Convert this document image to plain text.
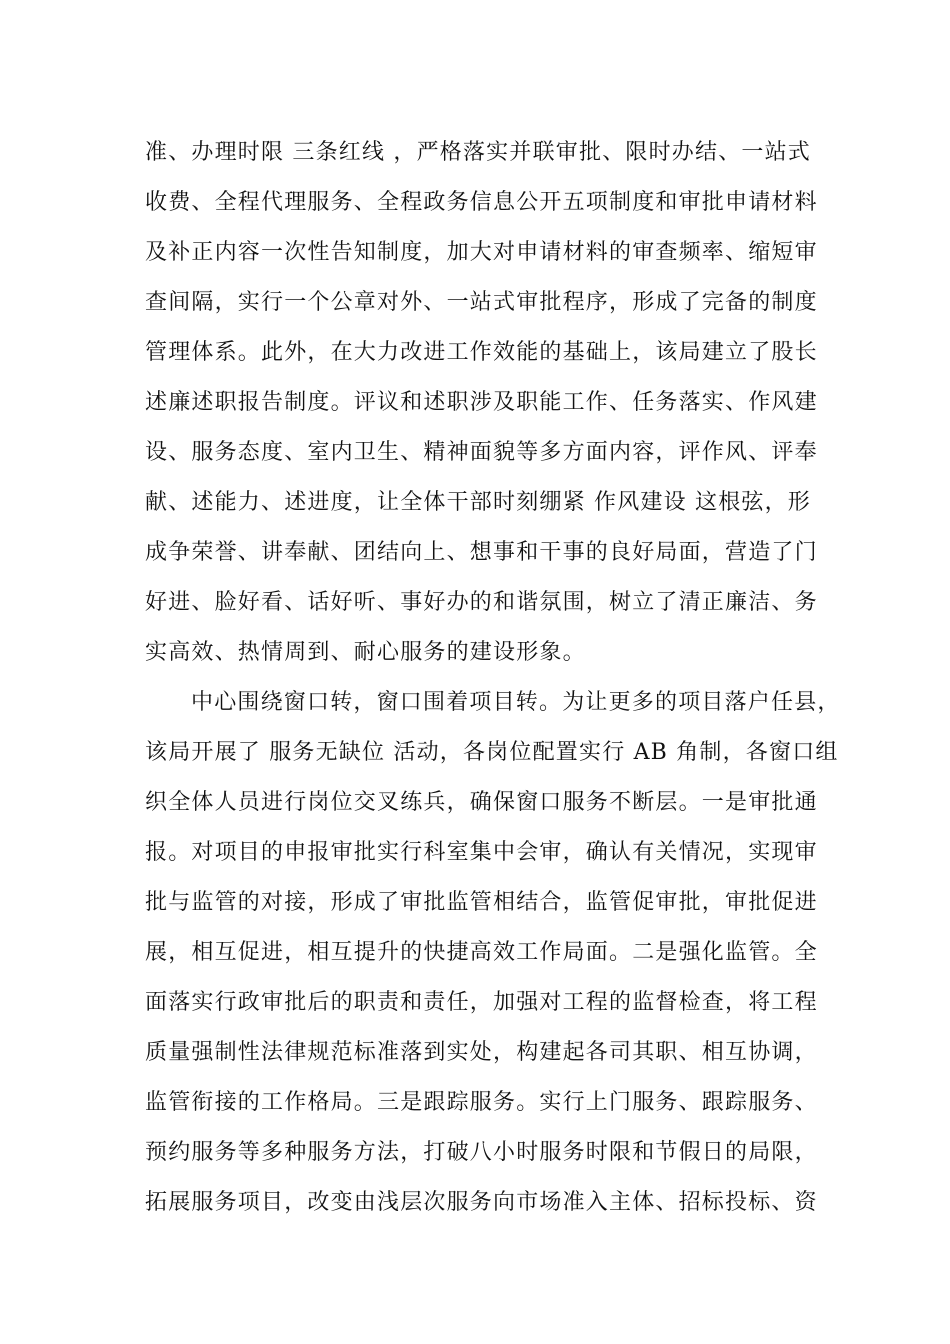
准、办理时限 三条红线 ，严格落实并联审批、限时办结、一站式
收费、全程代理服务、全程政务信息公开五项制度和审批申请材料
及补正内容一次性告知制度，加大对申请材料的审查频率、缩短审
查间隔，实行一个公章对外、一站式审批程序，形成了完备的制度
管理体系。此外，在大力改进工作效能的基础上，该局建立了股长
述廉述职报告制度。评议和述职涉及职能工作、任务落实、作风建
设、服务态度、室内卫生、精神面貌等多方面内容，评作风、评奉
献、述能力、述进度，让全体干部时刻绷紧 作风建设 这根弦，形
成争荣誉、讲奉献、团结向上、想事和干事的良好局面，营造了门
好进、脸好看、话好听、事好办的和谐氛围，树立了清正廉洁、务
实高效、热情周到、耐心服务的建设形象。
中心围绕窗口转，窗口围着项目转。为让更多的项目落户任县，
该局开展了 服务无缺位 活动，各岗位配置实行 AB 角制，各窗口组
织全体人员进行岗位交叉练兵，确保窗口服务不断层。一是审批通
报。对项目的申报审批实行科室集中会审，确认有关情况，实现审
批与监管的对接，形成了审批监管相结合，监管促审批，审批促进
展，相互促进，相互提升的快捷高效工作局面。二是强化监管。全
面落实行政审批后的职责和责任，加强对工程的监督检查，将工程
质量强制性法律规范标准落到实处，构建起各司其职、相互协调，
监管衔接的工作格局。三是跟踪服务。实行上门服务、跟踪服务、
预约服务等多种服务方法，打破八小时服务时限和节假日的局限，
拓展服务项目，改变由浅层次服务向市场准入主体、招标投标、资
